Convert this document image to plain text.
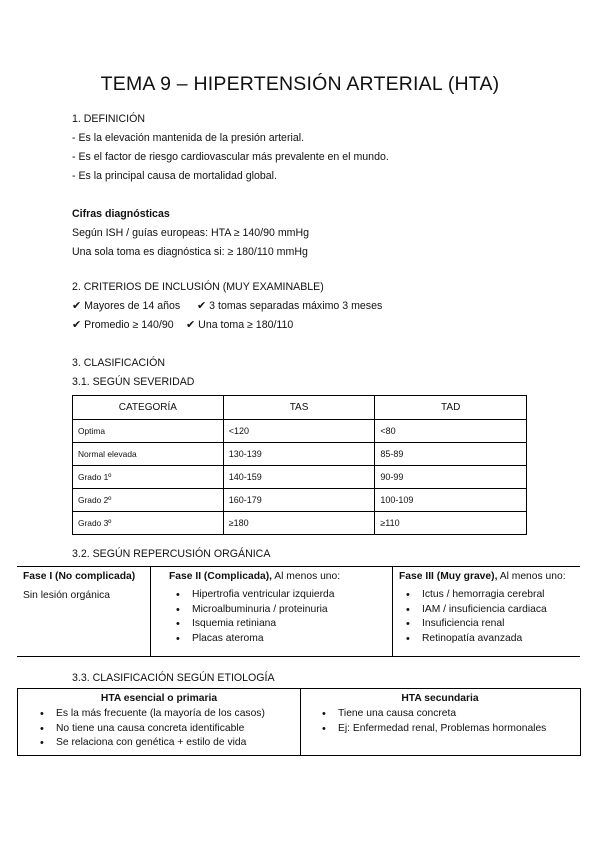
TEMA 9 – HIPERTENSIÓN ARTERIAL (HTA)
1. DEFINICIÓN
- Es la elevación mantenida de la presión arterial.
- Es el factor de riesgo cardiovascular más prevalente en el mundo.
- Es la principal causa de mortalidad global.
Cifras diagnósticas
Según ISH / guías europeas: HTA ≥ 140/90 mmHg
Una sola toma es diagnóstica si: ≥ 180/110 mmHg
2. CRITERIOS DE INCLUSIÓN (MUY EXAMINABLE)
✔ Mayores de 14 años ✔ 3 tomas separadas máximo 3 meses
✔ Promedio ≥ 140/90 ✔ Una toma ≥ 180/110
3. CLASIFICACIÓN
3.1. SEGÚN SEVERIDAD
CATEGORÍA	TAS	TAD
Optima	<120	<80
Normal elevada	130-139	85-89
Grado 1º	140-159	90-99
Grado 2º	160-179	100-109
Grado 3º	≥180	≥110
3.2. SEGÚN REPERCUSIÓN ORGÁNICA
Fase I (No complicada)
Sin lesión orgánica
Fase II (Complicada), Al menos uno:
• Hipertrofia ventricular izquierda
• Microalbuminuria / proteinuria
• Isquemia retiniana
• Placas ateroma
Fase III (Muy grave), Al menos uno:
• Ictus / hemorragia cerebral
• IAM / insuficiencia cardiaca
• Insuficiencia renal
• Retinopatía avanzada
3.3. CLASIFICACIÓN SEGÚN ETIOLOGÍA
HTA esencial o primaria
• Es la más frecuente (la mayoría de los casos)
• No tiene una causa concreta identificable
• Se relaciona con genética + estilo de vida
HTA secundaria
• Tiene una causa concreta
• Ej: Enfermedad renal, Problemas hormonales
